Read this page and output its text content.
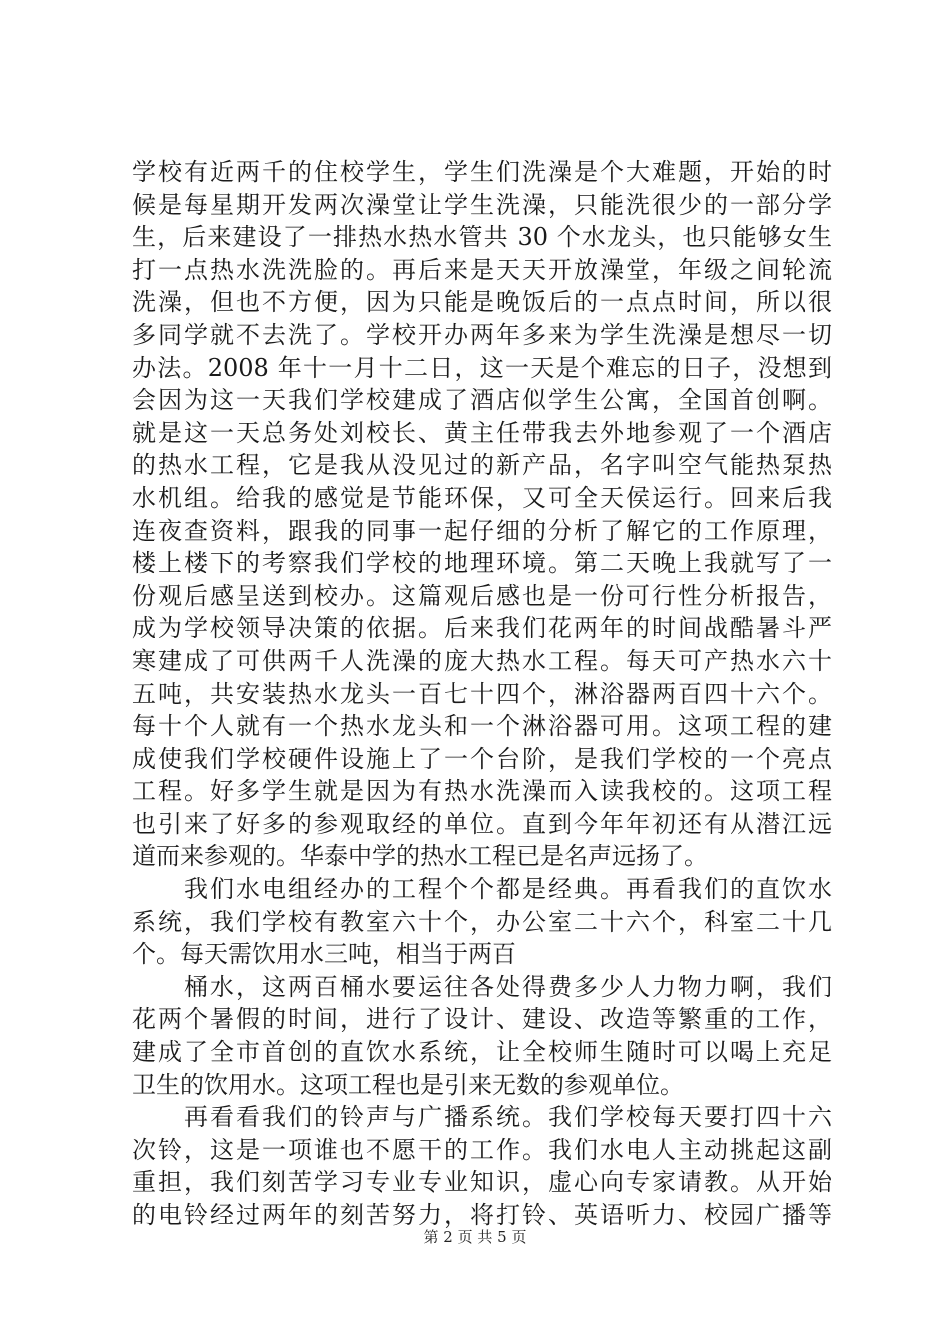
学校有近两千的住校学生，学生们洗澡是个大难题，开始的时
候是每星期开发两次澡堂让学生洗澡，只能洗很少的一部分学
生，后来建设了一排热水热水管共 30 个水龙头，也只能够女生
打一点热水洗洗脸的。再后来是天天开放澡堂，年级之间轮流
洗澡，但也不方便，因为只能是晚饭后的一点点时间，所以很
多同学就不去洗了。学校开办两年多来为学生洗澡是想尽一切
办法。2008 年十一月十二日，这一天是个难忘的日子，没想到
会因为这一天我们学校建成了酒店似学生公寓，全国首创啊。
就是这一天总务处刘校长、黄主任带我去外地参观了一个酒店
的热水工程，它是我从没见过的新产品，名字叫空气能热泵热
水机组。给我的感觉是节能环保，又可全天侯运行。回来后我
连夜查资料，跟我的同事一起仔细的分析了解它的工作原理，
楼上楼下的考察我们学校的地理环境。第二天晚上我就写了一
份观后感呈送到校办。这篇观后感也是一份可行性分析报告，
成为学校领导决策的依据。后来我们花两年的时间战酷暑斗严
寒建成了可供两千人洗澡的庞大热水工程。每天可产热水六十
五吨，共安装热水龙头一百七十四个，淋浴器两百四十六个。
每十个人就有一个热水龙头和一个淋浴器可用。这项工程的建
成使我们学校硬件设施上了一个台阶，是我们学校的一个亮点
工程。好多学生就是因为有热水洗澡而入读我校的。这项工程
也引来了好多的参观取经的单位。直到今年年初还有从潜江远
道而来参观的。华泰中学的热水工程已是名声远扬了。
　　我们水电组经办的工程个个都是经典。再看我们的直饮水
系统，我们学校有教室六十个，办公室二十六个，科室二十几
个。每天需饮用水三吨，相当于两百
　　桶水，这两百桶水要运往各处得费多少人力物力啊，我们
花两个暑假的时间，进行了设计、建设、改造等繁重的工作，
建成了全市首创的直饮水系统，让全校师生随时可以喝上充足
卫生的饮用水。这项工程也是引来无数的参观单位。
　　再看看我们的铃声与广播系统。我们学校每天要打四十六
次铃，这是一项谁也不愿干的工作。我们水电人主动挑起这副
重担，我们刻苦学习专业专业知识，虚心向专家请教。从开始
的电铃经过两年的刻苦努力，将打铃、英语听力、校园广播等
第 2 页 共 5 页
